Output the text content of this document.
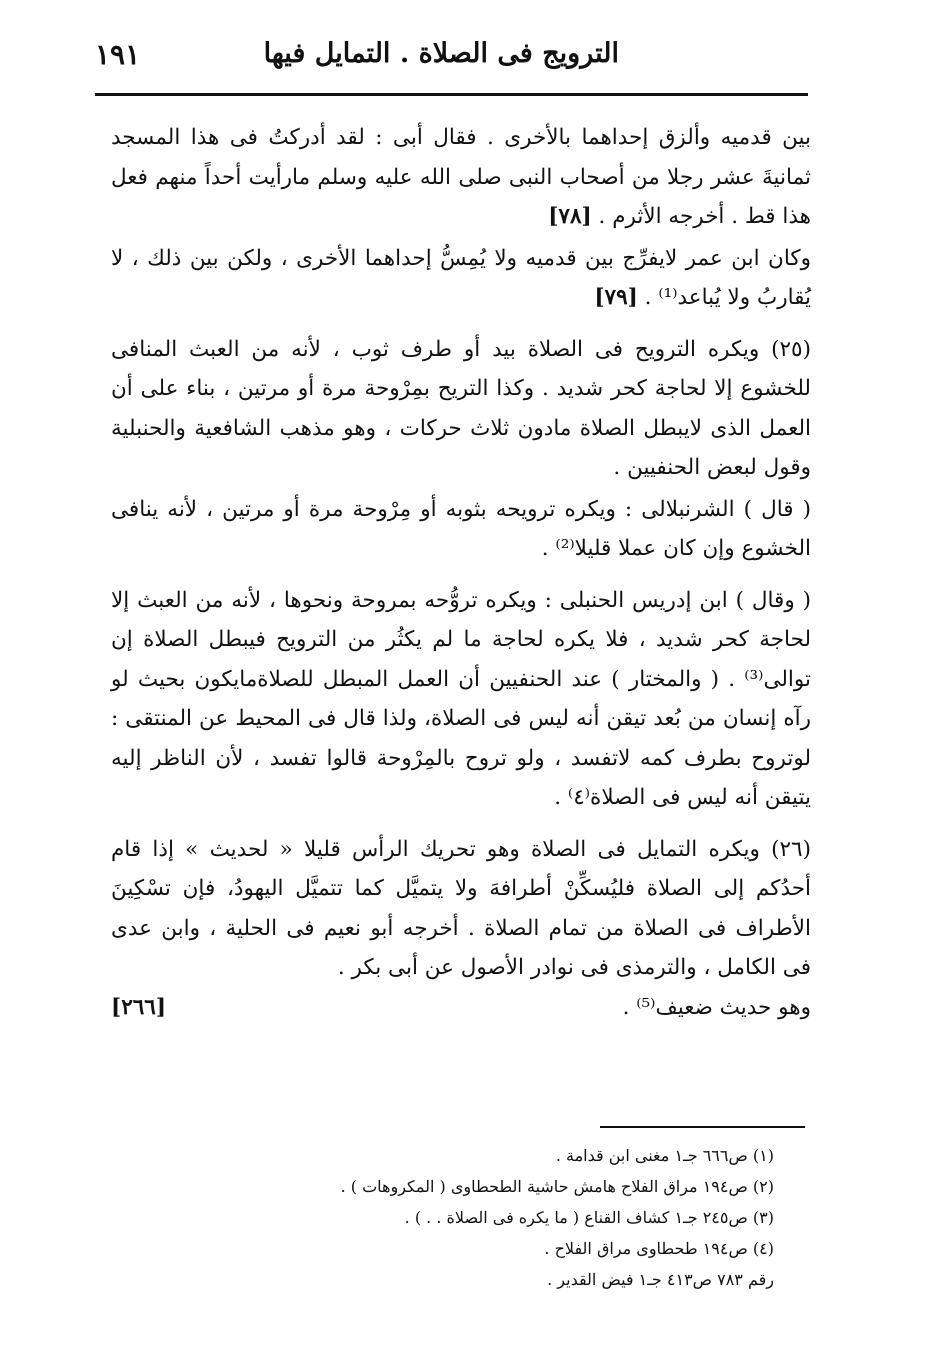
الترويج فى الصلاة . التمايل فيها
١٩١

بين قدميه وألزق إحداهما بالأخرى . فقال أبى : لقد أدركتُ فى هذا المسجد ثمانيةَ عشر رجلا من أصحاب النبى صلى الله عليه وسلم مارأيت أحداً منهم فعل هذا قط . أخرجه الأثرم . [٧٨]

وكان ابن عمر لايفرِّج بين قدميه ولا يُمِسُّ إحداهما الأخرى ، ولكن بين ذلك ، لا يُقاربُ ولا يُباعد⁽¹⁾ . [٧٩]

(٢٥) ويكره الترويح فى الصلاة بيد أو طرف ثوب ، لأنه من العبث المنافى للخشوع إلا لحاجة كحر شديد . وكذا التريح بمِرْوحة مرة أو مرتين ، بناء على أن العمل الذى لايبطل الصلاة مادون ثلاث حركات ، وهو مذهب الشافعية والحنبلية وقول لبعض الحنفيين .

( قال ) الشرنبلالى : ويكره ترويحه بثوبه أو مِرْوحة مرة أو مرتين ، لأنه ينافى الخشوع وإن كان عملا قليلا⁽²⁾ .

( وقال ) ابن إدريس الحنبلى : ويكره تروُّحه بمروحة ونحوها ، لأنه من العبث إلا لحاجة كحر شديد ، فلا يكره لحاجة ما لم يكثُر من الترويح فيبطل الصلاة إن توالى⁽³⁾ . ( والمختار ) عند الحنفيين أن العمل المبطل للصلاةمايكون بحيث لو رآه إنسان من بُعد تيقن أنه ليس فى الصلاة، ولذا قال فى المحيط عن المنتقى : لوتروح بطرف كمه لاتفسد ، ولو تروح بالمِرْوحة قالوا تفسد ، لأن الناظر إليه يتيقن أنه ليس فى الصلاة⁽٤⁾ .

(٢٦) ويكره التمايل فى الصلاة وهو تحريك الرأس قليلا « لحديث » إذا قام أحدُكم إلى الصلاة فليُسكِّنْ أطرافهَ ولا يتميَّل كما تتميَّل اليهودُ، فإن تسْكِينَ الأطراف فى الصلاة من تمام الصلاة . أخرجه أبو نعيم فى الحلية ، وابن عدى فى الكامل ، والترمذى فى نوادر الأصول عن أبى بكر .

وهو حديث ضعيف⁽⁵⁾ .
[٢٦٦]

(١) ص٦٦٦ جـ١ مغنى ابن قدامة .

(٢) ص١٩٤ مراق الفلاح هامش حاشية الطحطاوى ( المكروهات ) .

(٣) ص٢٤٥ جـ١ كشاف القناع ( ما يكره فى الصلاة . . ) .

(٤) ص١٩٤ طحطاوى مراق الفلاح .

رقم ٧٨٣ ص٤١٣ جـ١ فيض القدير .
